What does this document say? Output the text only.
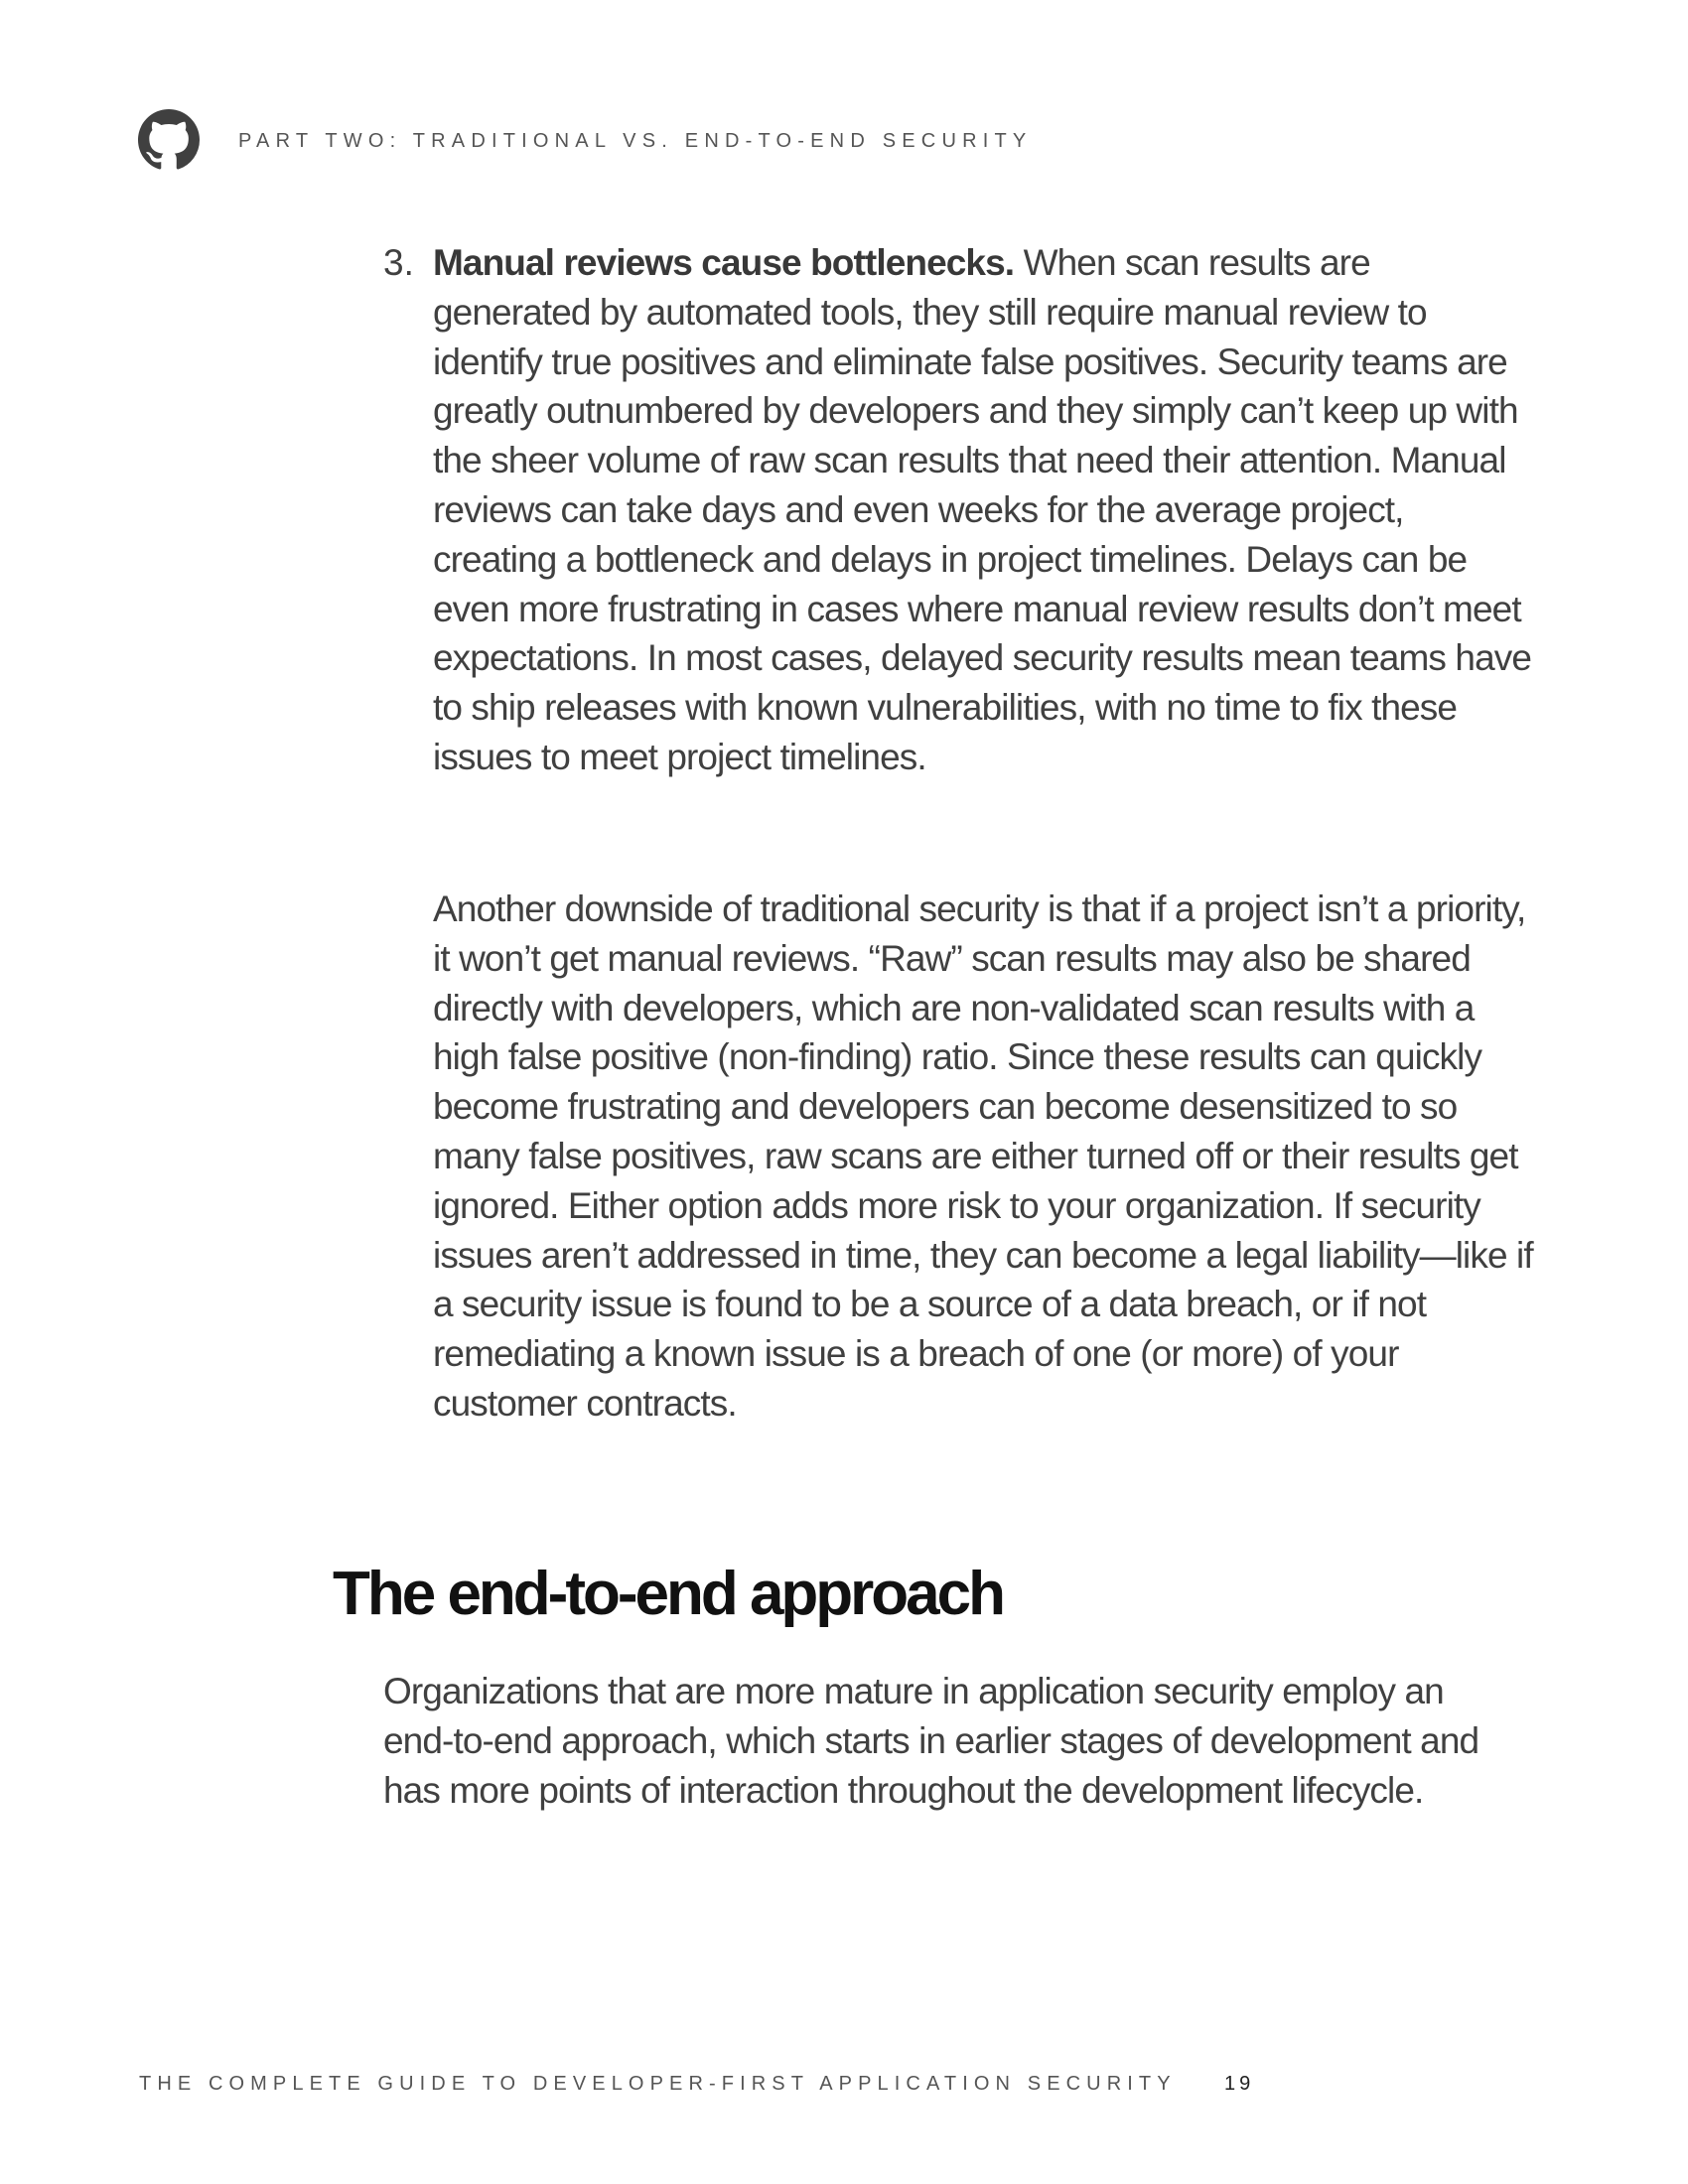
PART TWO: TRADITIONAL VS. END-TO-END SECURITY
3. Manual reviews cause bottlenecks. When scan results are generated by automated tools, they still require manual review to identify true positives and eliminate false positives. Security teams are greatly outnumbered by developers and they simply can’t keep up with the sheer volume of raw scan results that need their attention. Manual reviews can take days and even weeks for the average project, creating a bottleneck and delays in project timelines. Delays can be even more frustrating in cases where manual review results don’t meet expectations. In most cases, delayed security results mean teams have to ship releases with known vulnerabilities, with no time to fix these issues to meet project timelines.

Another downside of traditional security is that if a project isn’t a priority, it won’t get manual reviews. “Raw” scan results may also be shared directly with developers, which are non-validated scan results with a high false positive (non-finding) ratio. Since these results can quickly become frustrating and developers can become desensitized to so many false positives, raw scans are either turned off or their results get ignored. Either option adds more risk to your organization. If security issues aren’t addressed in time, they can become a legal liability—like if a security issue is found to be a source of a data breach, or if not remediating a known issue is a breach of one (or more) of your customer contracts.

The end-to-end approach

Organizations that are more mature in application security employ an end-to-end approach, which starts in earlier stages of development and has more points of interaction throughout the development lifecycle.

THE COMPLETE GUIDE TO DEVELOPER-FIRST APPLICATION SECURITY 19
